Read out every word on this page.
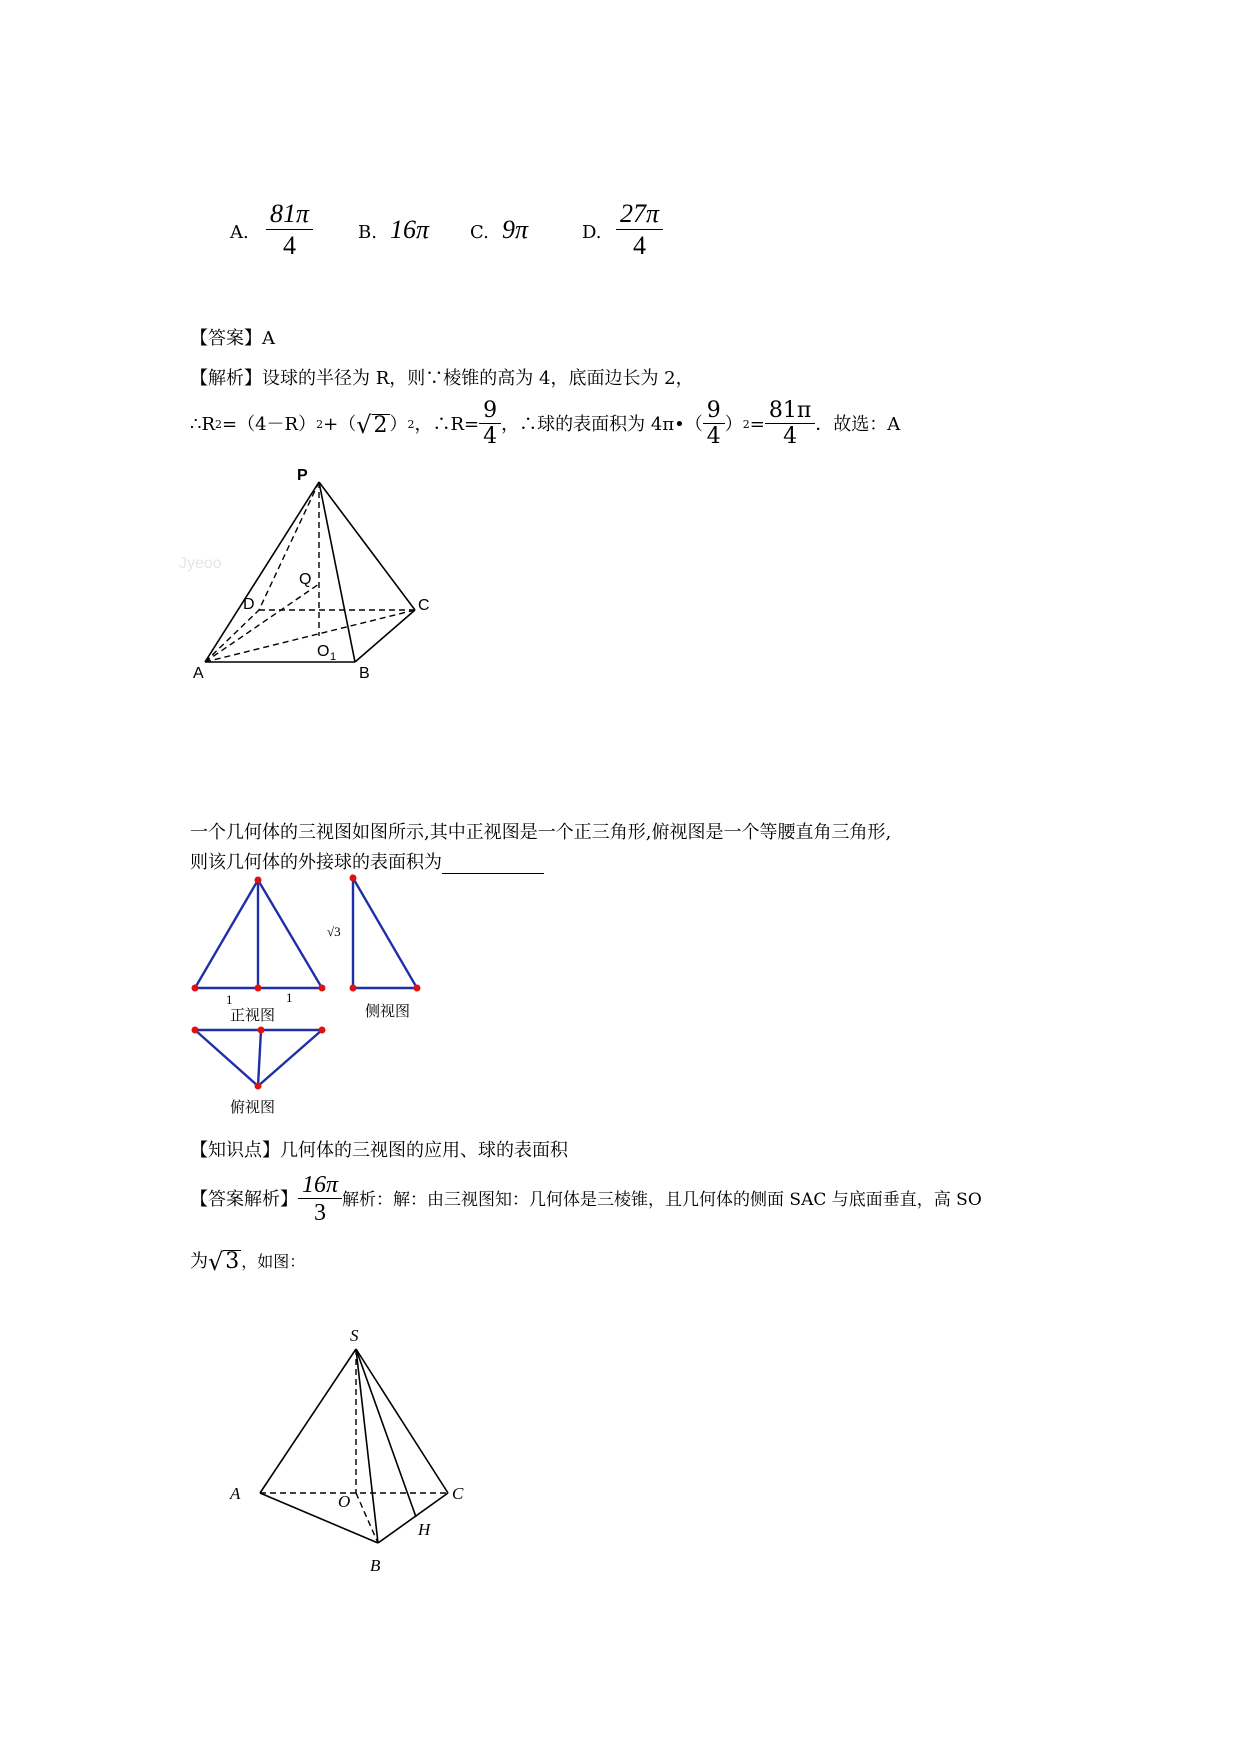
A. $\frac{81\pi}{4} B$. 16π C. 9π	D. $\frac{27\pi}{4}$
【答案】A
【解析】设球的半径为 R，则∵棱锥的高为 4，底面边长为 2，
∴R 2 =（4－R） 2 +（ √ 2 ） 2 ，∴R= $\frac{9}{4}$ ，∴球的表面积为 4π•（ $\frac{9}{4}$ ） $2 = \frac{81\pi}{4}$ ．故选：A
Jyeoo
P
Q
D	C
O 1
A	B
一个几何体的三视图如图所示,其中正视图是一个正三角形,俯视图是一个等腰直角三角形,
则该几何体的外接球的表面积为
1	1
正视图
√3
侧视图
俯视图
【知识点】几何体的三视图的应用、球的表面积
【答案解析】 $\frac{16\pi}{3}$ 解析：解：由三视图知：几何体是三棱锥，且几何体的侧面 SAC 与底面垂直，高 SO
为 √ 3 ，如图：
S
A	O	C
H
B
